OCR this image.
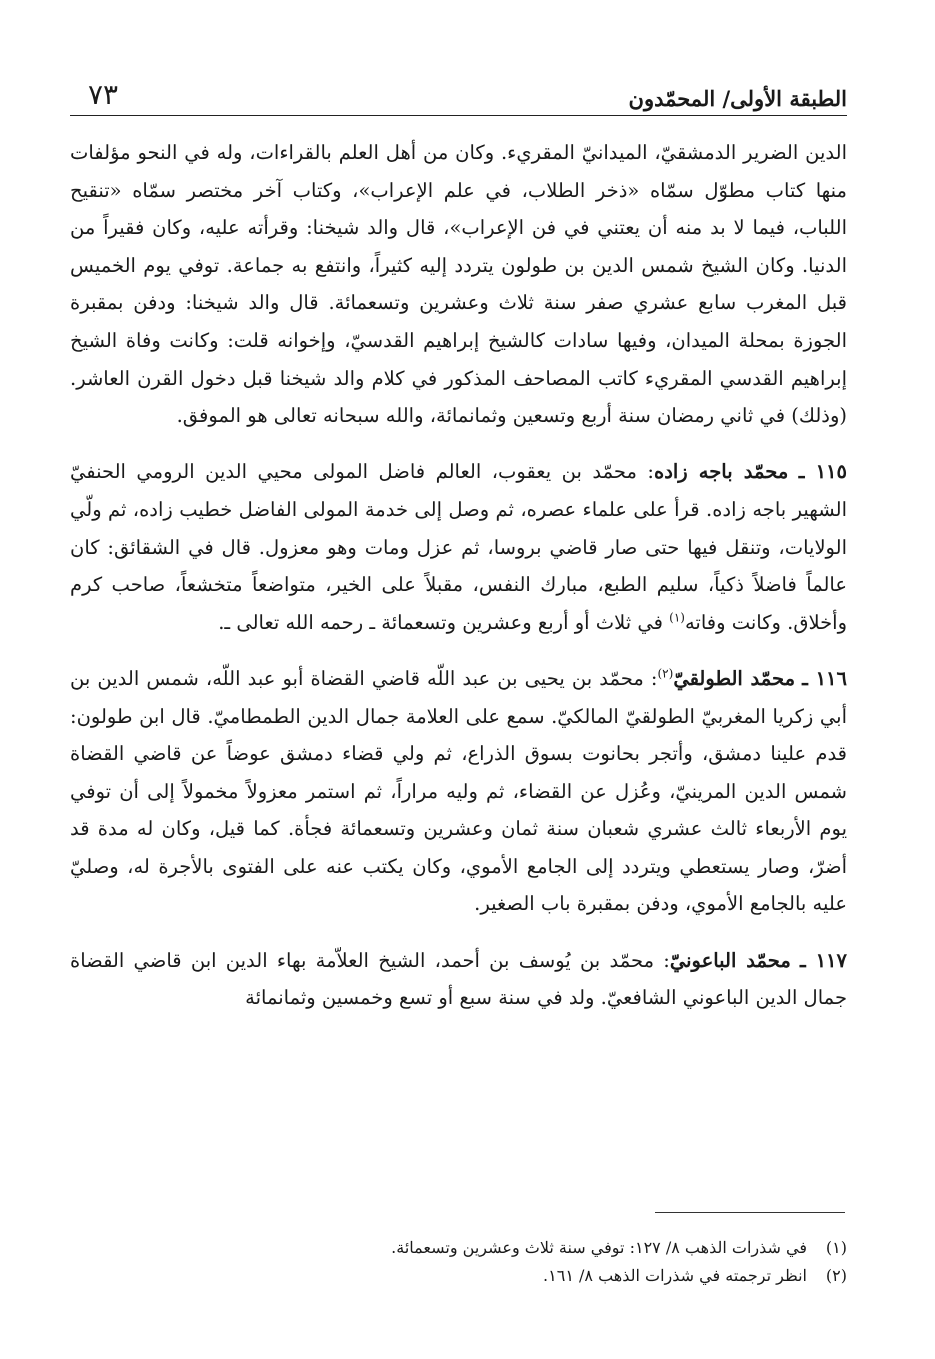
الطبقة الأولى/ المحمّدون
٧٣

الدين الضرير الدمشقيّ، الميدانيّ المقريء. وكان من أهل العلم بالقراءات، وله في النحو مؤلفات منها كتاب مطوّل سمّاه «ذخر الطلاب، في علم الإعراب»، وكتاب آخر مختصر سمّاه «تنقيح اللباب، فيما لا بد منه أن يعتني في فن الإعراب»، قال والد شيخنا: وقرأته عليه، وكان فقيراً من الدنيا. وكان الشيخ شمس الدين بن طولون يتردد إليه كثيراً، وانتفع به جماعة. توفي يوم الخميس قبل المغرب سابع عشري صفر سنة ثلاث وعشرين وتسعمائة. قال والد شيخنا: ودفن بمقبرة الجوزة بمحلة الميدان، وفيها سادات كالشيخ إبراهيم القدسيّ، وإخوانه قلت: وكانت وفاة الشيخ إبراهيم القدسي المقريء كاتب المصاحف المذكور في كلام والد شيخنا قبل دخول القرن العاشر. (وذلك) في ثاني رمضان سنة أربع وتسعين وثمانمائة، والله سبحانه تعالى هو الموفق.

١١٥ ـ محمّد باجه زاده: محمّد بن يعقوب، العالم فاضل المولى محيي الدين الرومي الحنفيّ الشهير باجه زاده. قرأ على علماء عصره، ثم وصل إلى خدمة المولى الفاضل خطيب زاده، ثم ولّي الولايات، وتنقل فيها حتى صار قاضي بروسا، ثم عزل ومات وهو معزول. قال في الشقائق: كان عالماً فاضلاً ذكياً، سليم الطبع، مبارك النفس، مقبلاً على الخير، متواضعاً متخشعاً، صاحب كرم وأخلاق. وكانت وفاته$^{(١)}$ في ثلاث أو أربع وعشرين وتسعمائة ـ رحمه الله تعالى ـ.

١١٦ ـ محمّد الطولقيّ$^{(٢)}$: محمّد بن يحيى بن عبد اللّه قاضي القضاة أبو عبد اللّه، شمس الدين بن أبي زكريا المغربيّ الطولقيّ المالكيّ. سمع على العلامة جمال الدين الطمطاميّ. قال ابن طولون: قدم علينا دمشق، وأتجر بحانوت بسوق الذراع، ثم ولي قضاء دمشق عوضاً عن قاضي القضاة شمس الدين المرينيّ، وعُزل عن القضاء، ثم وليه مراراً، ثم استمر معزولاً مخمولاً إلى أن توفي يوم الأربعاء ثالث عشري شعبان سنة ثمان وعشرين وتسعمائة فجأة. كما قيل، وكان له مدة قد أضرّ، وصار يستعطي ويتردد إلى الجامع الأموي، وكان يكتب عنه على الفتوى بالأجرة له، وصليّ عليه بالجامع الأموي، ودفن بمقبرة باب الصغير.

١١٧ ـ محمّد الباعونيّ: محمّد بن يُوسف بن أحمد، الشيخ العلاّمة بهاء الدين ابن قاضي القضاة جمال الدين الباعوني الشافعيّ. ولد في سنة سبع أو تسع وخمسين وثمانمائة

(١)
في شذرات الذهب ٨/ ١٢٧: توفي سنة ثلاث وعشرين وتسعمائة.
(٢)
انظر ترجمته في شذرات الذهب ٨/ ١٦١.
